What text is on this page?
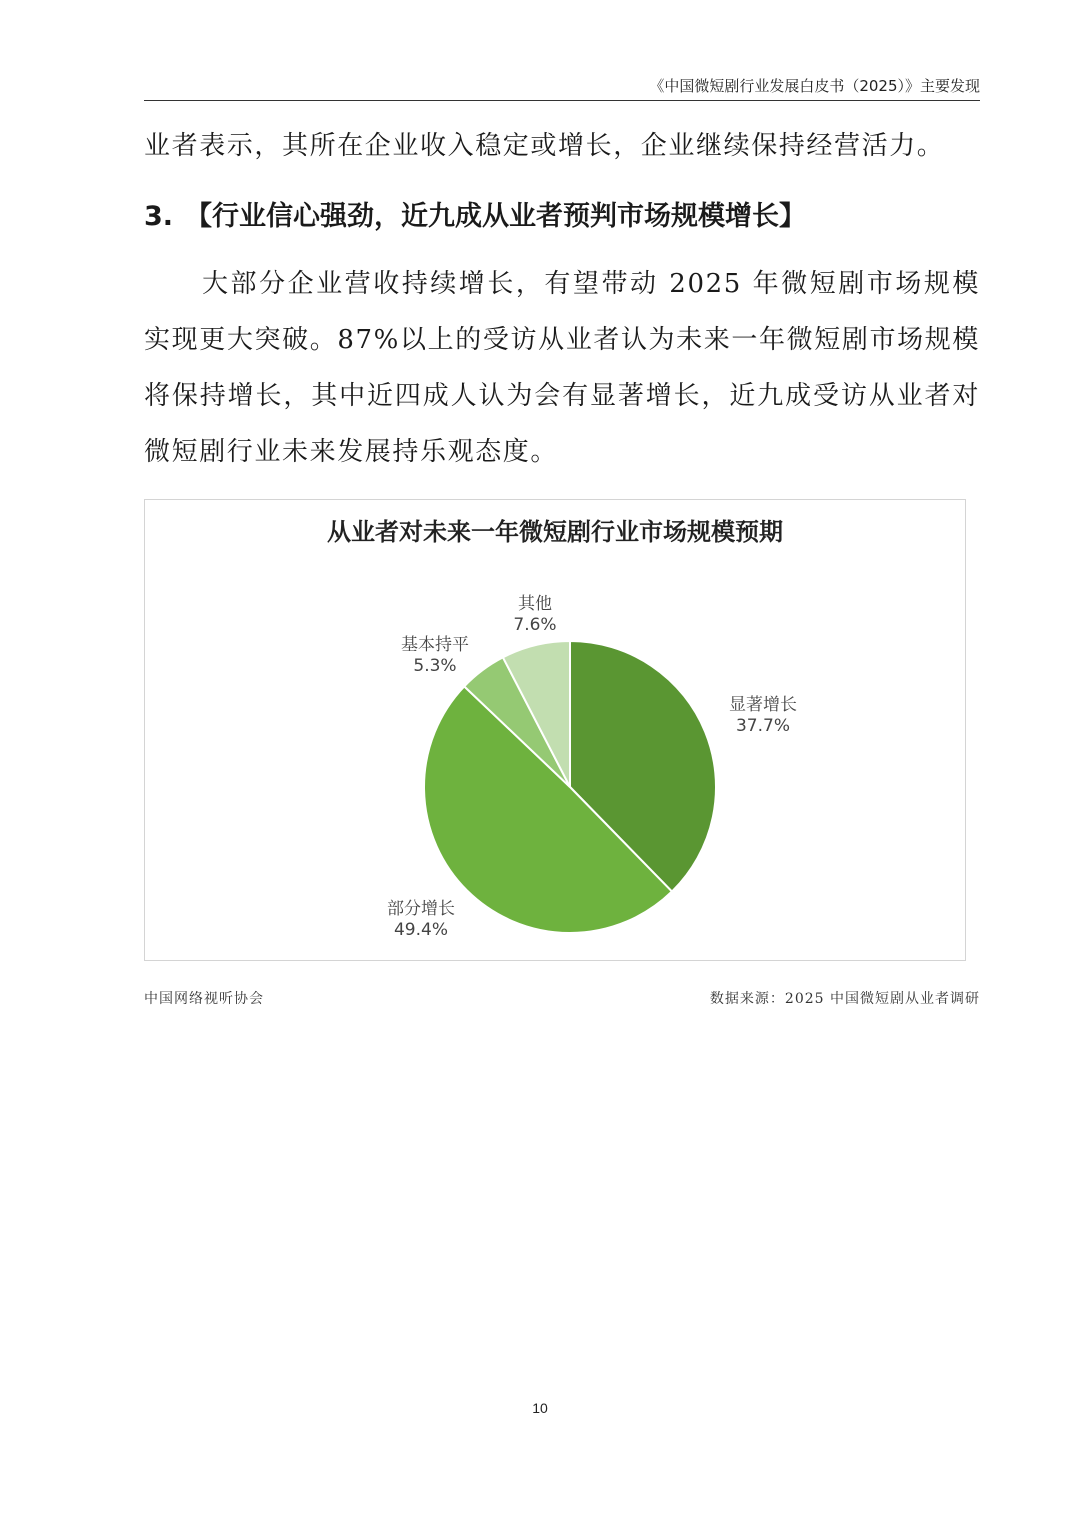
《中国微短剧行业发展白皮书（2025）》主要发现

业者表示，其所在企业收入稳定或增长，企业继续保持经营活力。

3. 【行业信心强劲，近九成从业者预判市场规模增长】

大部分企业营收持续增长，有望带动 2025 年微短剧市场规模实现更大突破。87%以上的受访从业者认为未来一年微短剧市场规模将保持增长，其中近四成人认为会有显著增长，近九成受访从业者对微短剧行业未来发展持乐观态度。

从业者对未来一年微短剧行业市场规模预期
显著增长
37.7%
部分增长
49.4%
基本持平
5.3%
其他
7.6%
中国网络视听协会	数据来源：2025 中国微短剧从业者调研
10
